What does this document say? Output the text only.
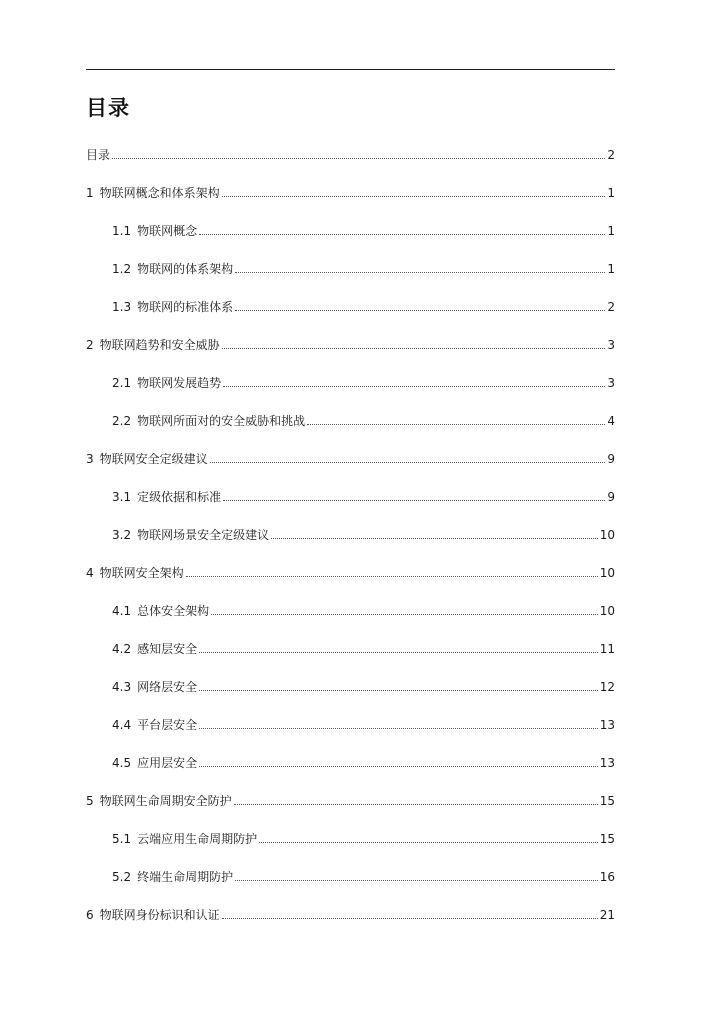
目录
目录	2
1 物联网概念和体系架构	1
1.1 物联网概念	1
1.2 物联网的体系架构	1
1.3 物联网的标准体系	2
2 物联网趋势和安全威胁	3
2.1 物联网发展趋势	3
2.2 物联网所面对的安全威胁和挑战	4
3 物联网安全定级建议	9
3.1 定级依据和标准	9
3.2 物联网场景安全定级建议	10
4 物联网安全架构	10
4.1 总体安全架构	10
4.2 感知层安全	11
4.3 网络层安全	12
4.4 平台层安全	13
4.5 应用层安全	13
5 物联网生命周期安全防护	15
5.1 云端应用生命周期防护	15
5.2 终端生命周期防护	16
6 物联网身份标识和认证	21
